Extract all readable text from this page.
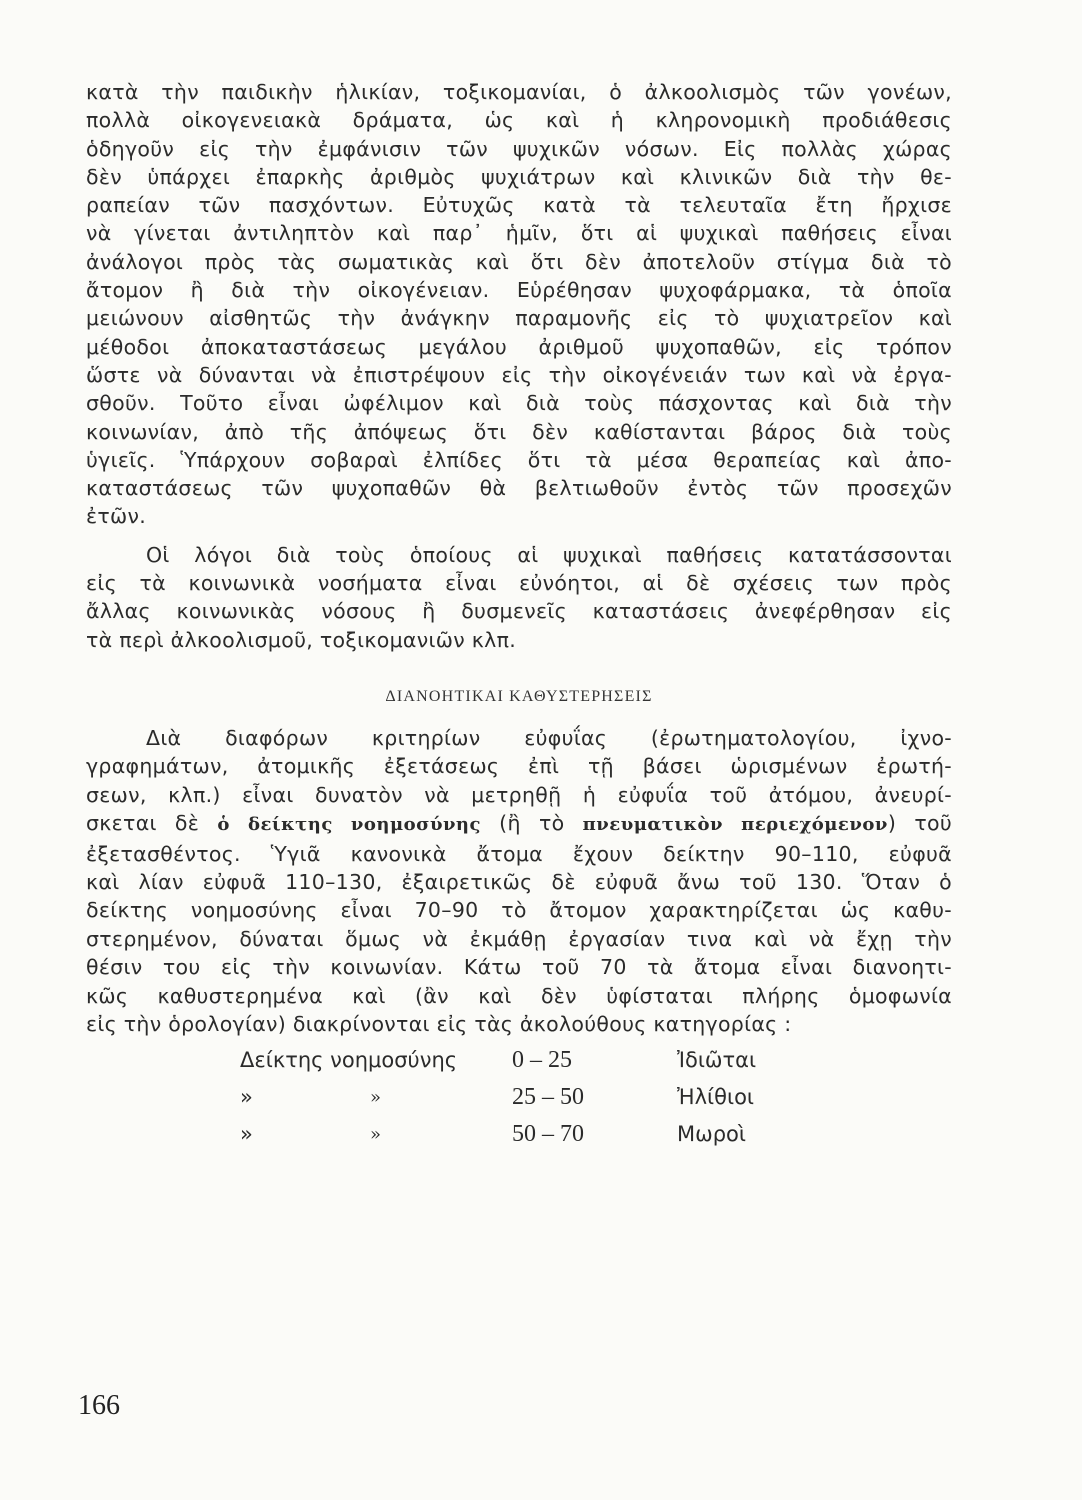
κατὰ τὴν παιδικὴν ἡλικίαν, τοξικομανίαι, ὁ ἀλκοολισμὸς τῶν γονέων,
πολλὰ οἰκογενειακὰ δράματα, ὡς καὶ ἡ κληρονομικὴ προδιάθεσις
ὁδηγοῦν εἰς τὴν ἐμφάνισιν τῶν ψυχικῶν νόσων. Εἰς πολλὰς χώρας
δὲν ὑπάρχει ἐπαρκὴς ἀριθμὸς ψυχιάτρων καὶ κλινικῶν διὰ τὴν θε-
ραπείαν τῶν πασχόντων. Εὐτυχῶς κατὰ τὰ τελευταῖα ἔτη ἤρχισε
νὰ γίνεται ἀντιληπτὸν καὶ παρ᾽ ἡμῖν, ὅτι αἱ ψυχικαὶ παθήσεις εἶναι
ἀνάλογοι πρὸς τὰς σωματικὰς καὶ ὅτι δὲν ἀποτελοῦν στίγμα διὰ τὸ
ἄτομον ἢ διὰ τὴν οἰκογένειαν. Εὑρέθησαν ψυχοφάρμακα, τὰ ὁποῖα
μειώνουν αἰσθητῶς τὴν ἀνάγκην παραμονῆς εἰς τὸ ψυχιατρεῖον καὶ
μέθοδοι ἀποκαταστάσεως μεγάλου ἀριθμοῦ ψυχοπαθῶν, εἰς τρόπον
ὥστε νὰ δύνανται νὰ ἐπιστρέψουν εἰς τὴν οἰκογένειάν των καὶ νὰ ἐργα-
σθοῦν. Τοῦτο εἶναι ὠφέλιμον καὶ διὰ τοὺς πάσχοντας καὶ διὰ τὴν
κοινωνίαν, ἀπὸ τῆς ἀπόψεως ὅτι δὲν καθίστανται βάρος διὰ τοὺς
ὑγιεῖς. Ὑπάρχουν σοβαραὶ ἐλπίδες ὅτι τὰ μέσα θεραπείας καὶ ἀπο-
καταστάσεως τῶν ψυχοπαθῶν θὰ βελτιωθοῦν ἐντὸς τῶν προσεχῶν
ἐτῶν.
Οἱ λόγοι διὰ τοὺς ὁποίους αἱ ψυχικαὶ παθήσεις κατατάσσονται
εἰς τὰ κοινωνικὰ νοσήματα εἶναι εὐνόητοι, αἱ δὲ σχέσεις των πρὸς
ἄλλας κοινωνικὰς νόσους ἢ δυσμενεῖς καταστάσεις ἀνεφέρθησαν εἰς
τὰ περὶ ἀλκοολισμοῦ, τοξικομανιῶν κλπ.
ΔΙΑΝΟΗΤΙΚΑΙ ΚΑΘΥΣΤΕΡΗΣΕΙΣ
Διὰ διαφόρων κριτηρίων εὐφυΐας (ἐρωτηματολογίου, ἰχνο-
γραφημάτων, ἀτομικῆς ἐξετάσεως ἐπὶ τῇ βάσει ὡρισμένων ἐρωτή-
σεων, κλπ.) εἶναι δυνατὸν νὰ μετρηθῇ ἡ εὐφυΐα τοῦ ἀτόμου, ἀνευρί-
σκεται δὲ ὁ δείκτης νοημοσύνης (ἢ τὸ πνευματικὸν περιεχόμενον) τοῦ
ἐξετασθέντος. Ὑγιᾶ κανονικὰ ἄτομα ἔχουν δείκτην 90–110, εὐφυᾶ
καὶ λίαν εὐφυᾶ 110–130, ἐξαιρετικῶς δὲ εὐφυᾶ ἄνω τοῦ 130. Ὅταν ὁ
δείκτης νοημοσύνης εἶναι 70–90 τὸ ἄτομον χαρακτηρίζεται ὡς καθυ-
στερημένον, δύναται ὅμως νὰ ἐκμάθῃ ἐργασίαν τινα καὶ νὰ ἔχῃ τὴν
θέσιν του εἰς τὴν κοινωνίαν. Κάτω τοῦ 70 τὰ ἄτομα εἶναι διανοητι-
κῶς καθυστερημένα καὶ (ἂν καὶ δὲν ὑφίσταται πλήρης ὁμοφωνία
εἰς τὴν ὁρολογίαν) διακρίνονται εἰς τὰς ἀκολούθους κατηγορίας :
Δείκτης νοημοσύνης	0 – 25	Ἰδιῶται
»	»	25 – 50	Ἠλίθιοι
»	»	50 – 70	Μωροὶ
166
